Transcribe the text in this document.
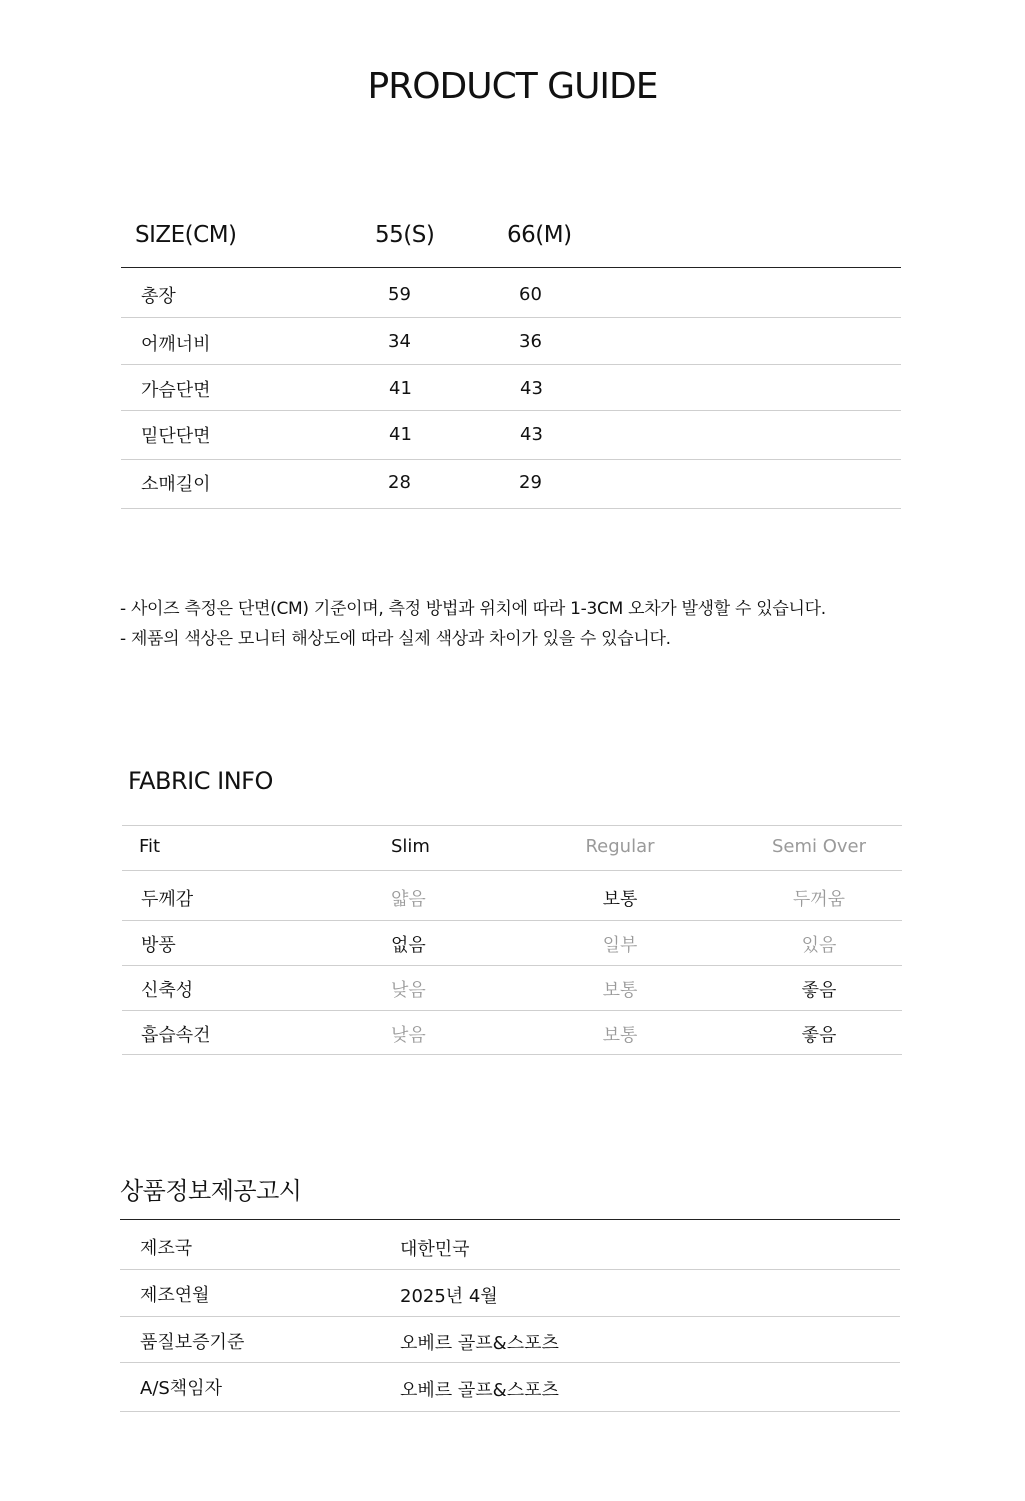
PRODUCT GUIDE
SIZE(CM)	55(S)	66(M)
총장	59	60
어깨너비	34	36
가슴단면	41	43
밑단단면	41	43
소매길이	28	29
- 사이즈 측정은 단면(CM) 기준이며, 측정 방법과 위치에 따라 1-3CM 오차가 발생할 수 있습니다.
- 제품의 색상은 모니터 해상도에 따라 실제 색상과 차이가 있을 수 있습니다.
FABRIC INFO
Fit	Slim	Regular	Semi Over
두께감	얇음	보통	두꺼움
방풍	없음	일부	있음
신축성	낮음	보통	좋음
흡습속건	낮음	보통	좋음
상품정보제공고시
제조국	대한민국
제조연월	2025년 4월
품질보증기준	오베르 골프&스포츠
A/S책임자	오베르 골프&스포츠
